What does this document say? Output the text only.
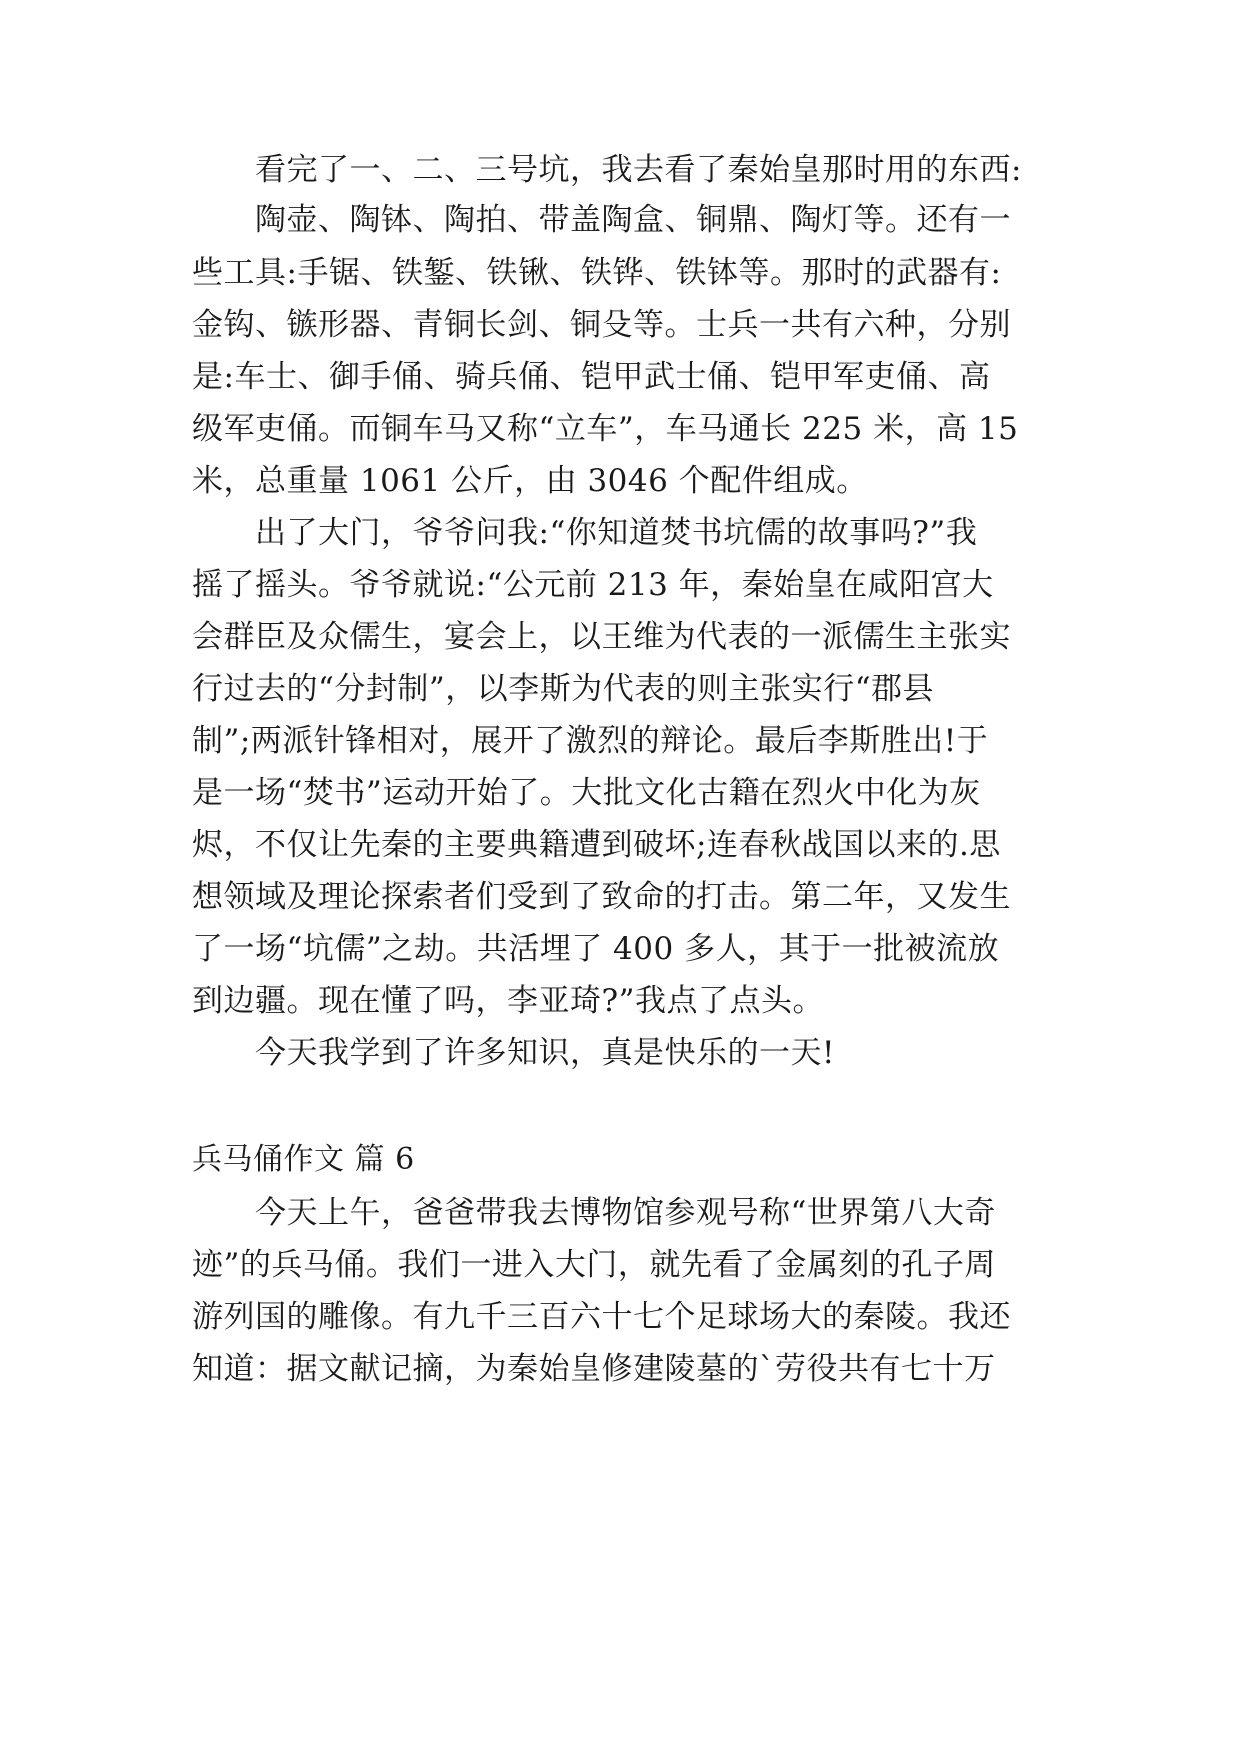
看完了一、二、三号坑，我去看了秦始皇那时用的东西:
陶壶、陶钵、陶拍、带盖陶盒、铜鼎、陶灯等。还有一
些工具:手锯、铁錾、铁锹、铁铧、铁钵等。那时的武器有:
金钩、镞形器、青铜长剑、铜殳等。士兵一共有六种，分别
是:车士、御手俑、骑兵俑、铠甲武士俑、铠甲军吏俑、高
级军吏俑。而铜车马又称“立车”，车马通长 225 米，高 15
米，总重量 1061 公斤，由 3046 个配件组成。
出了大门，爷爷问我:“你知道焚书坑儒的故事吗?”我
摇了摇头。爷爷就说:“公元前 213 年，秦始皇在咸阳宫大
会群臣及众儒生，宴会上，以王维为代表的一派儒生主张实
行过去的“分封制”，以李斯为代表的则主张实行“郡县
制”;两派针锋相对，展开了激烈的辩论。最后李斯胜出!于
是一场“焚书”运动开始了。大批文化古籍在烈火中化为灰
烬，不仅让先秦的主要典籍遭到破坏;连春秋战国以来的.思
想领域及理论探索者们受到了致命的打击。第二年，又发生
了一场“坑儒”之劫。共活埋了 400 多人，其于一批被流放
到边疆。现在懂了吗，李亚琦?”我点了点头。
今天我学到了许多知识，真是快乐的一天!
兵马俑作文 篇 6
今天上午，爸爸带我去博物馆参观号称“世界第八大奇
迹”的兵马俑。我们一进入大门，就先看了金属刻的孔子周
游列国的雕像。有九千三百六十七个足球场大的秦陵。我还
知道：据文献记摘，为秦始皇修建陵墓的`劳役共有七十万
